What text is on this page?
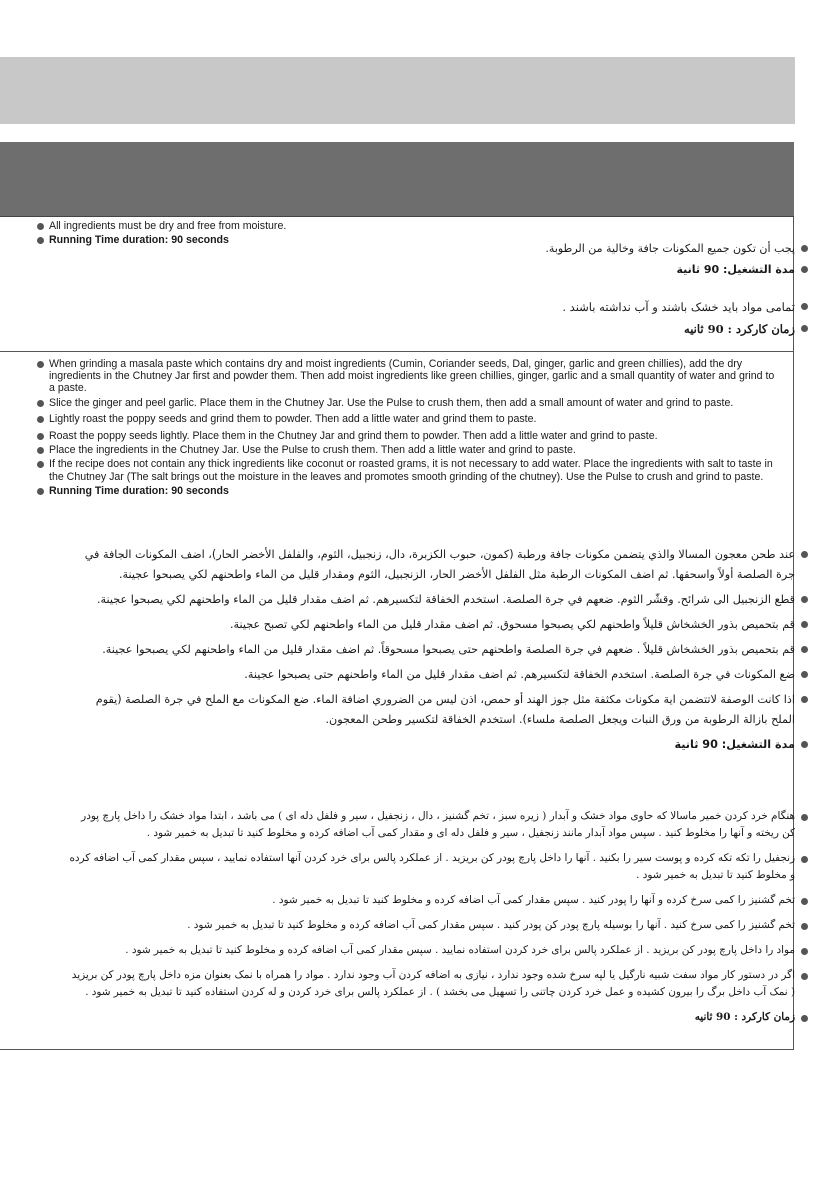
All ingredients must be dry and free from moisture.
Running Time duration: 90 seconds
يجب أن تكون جميع المكونات جافة وخالية من الرطوبة.
مدة التشغيل: 90 ثانية
تمامی مواد باید خشک باشند و آب نداشته باشند .
زمان کارکرد : 90 ثانیه
When grinding a masala paste which contains dry and moist ingredients (Cumin, Coriander seeds, Dal, ginger, garlic and green chillies), add the dry ingredients in the Chutney Jar first and powder them. Then add moist ingredients like green chillies, ginger, garlic and a small quantity of water and grind to a paste.
Slice the ginger and peel garlic. Place them in the Chutney Jar. Use the Pulse to crush them, then add a small amount of water and grind to paste.
Lightly roast the poppy seeds and grind them to powder. Then add a little water and grind them to paste.
Roast the poppy seeds lightly. Place them in the Chutney Jar and grind them to powder. Then add a little water and grind to paste.
Place the ingredients in the Chutney Jar. Use the Pulse to crush them. Then add a little water and grind to paste.
If the recipe does not contain any thick ingredients like coconut or roasted grams, it is not necessary to add water. Place the ingredients with salt to taste in the Chutney Jar (The salt brings out the moisture in the leaves and promotes smooth grinding of the chutney). Use the Pulse to crush and grind to paste.
Running Time duration: 90 seconds
عند طحن معجون المسالا والذي يتضمن مكونات جافة ورطبة (كمون، حبوب الكزبرة، دال، زنجبيل، الثوم، والفلفل الأخضر الحار)، اضف المكونات الجافة في جرة الصلصة أولاً واسحقها. ثم اضف المكونات الرطبة مثل الفلفل الأخضر الحار، الزنجبيل، الثوم ومقدار قليل من الماء واطحنهم لكي يصبحوا عجينة.
قطع الزنجبيل الى شرائح. وقشّر الثوم. ضعهم في جرة الصلصة. استخدم الخفاقة لتكسيرهم. ثم اضف مقدار قليل من الماء واطحنهم لكي يصبحوا عجينة.
قم بتحميص بذور الخشخاش قليلاً واطحنهم لكي يصبحوا مسحوق. ثم اضف مقدار قليل من الماء واطحنهم لكي تصبح عجينة.
قم بتحميص بذور الخشخاش قليلاً . ضعهم في جرة الصلصة واطحنهم حتى يصبحوا مسحوقاً. ثم اضف مقدار قليل من الماء واطحنهم لكي يصبحوا عجينة.
ضع المكونات في جرة الصلصة. استخدم الخفاقة لتكسيرهم. ثم اضف مقدار قليل من الماء واطحنهم حتى يصبحوا عجينة.
اذا كانت الوصفة لاتتضمن اية مكونات مكثفة مثل جوز الهند أو حمص، اذن ليس من الضروري اضافة الماء. ضع المكونات مع الملح في جرة الصلصة (يقوم الملح بازالة الرطوبة من ورق النبات ويجعل الصلصة ملساء). استخدم الخفاقة لتكسير وطحن المعجون.
مدة التشغيل: 90 ثانية
هنگام خرد کردن خمیر ماسالا که حاوی مواد خشک و آبدار ( زیره سبز ، تخم گشنیز ، دال ، زنجفیل ، سیر و فلفل دله ای ) می باشد ، ابتدا مواد خشک را داخل پارچ پودر کن ریخته و آنها را مخلوط کنید . سپس مواد آبدار مانند زنجفیل ، سیر و فلفل دله ای و مقدار کمی آب اضافه کرده و مخلوط کنید تا تبدیل به خمیر شود .
زنجفیل را تکه تکه کرده و پوست سیر را بکنید . آنها را داخل پارچ پودر کن بریزید . از عملکرد پالس برای خرد کردن آنها استفاده نمایید ، سپس مقدار کمی آب اضافه کرده و مخلوط کنید تا تبدیل به خمیر شود .
تخم گشنیز را کمی سرخ کرده و آنها را پودر کنید . سپس مقدار کمی آب اضافه کرده و مخلوط کنید تا تبدیل به خمیر شود .
تخم گشنیز را کمی سرخ کنید . آنها را بوسیله پارچ پودر کن پودر کنید . سپس مقدار کمی آب اضافه کرده و مخلوط کنید تا تبدیل به خمیر شود .
مواد را داخل پارچ پودر کن بریزید . از عملکرد پالس برای خرد کردن استفاده نمایید . سپس مقدار کمی آب اضافه کرده و مخلوط کنید تا تبدیل به خمیر شود .
اگر در دستور کار مواد سفت شبیه نارگیل یا لپه سرخ شده وجود ندارد ، نیازی به اضافه کردن آب وجود ندارد . مواد را همراه با نمک بعنوان مزه داخل پارچ پودر کن بریزید ( نمک آب داخل برگ را بیرون کشیده و عمل خرد کردن چاتنی را تسهیل می بخشد ) . از عملکرد پالس برای خرد کردن و له کردن استفاده کنید تا تبدیل به خمیر شود .
زمان کارکرد : 90 ثانیه
